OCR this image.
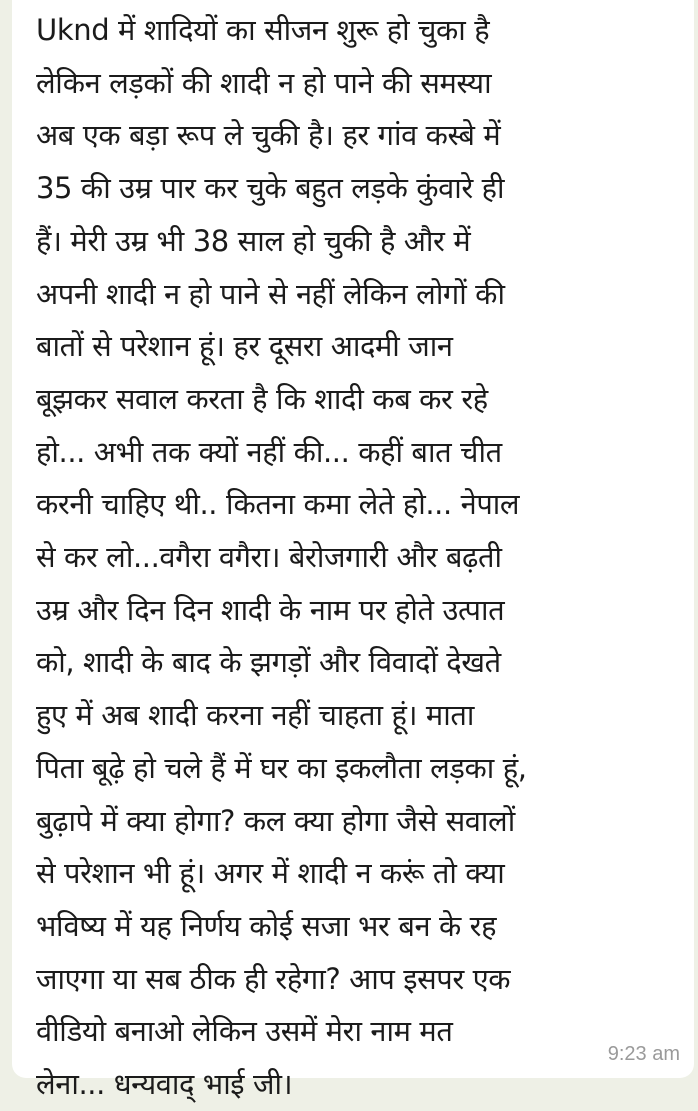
Uknd में शादियों का सीजन शुरू हो चुका है
लेकिन लड़कों की शादी न हो पाने की समस्या
अब एक बड़ा रूप ले चुकी है। हर गांव कस्बे में
35 की उम्र पार कर चुके बहुत लड़के कुंवारे ही
हैं। मेरी उम्र भी 38 साल हो चुकी है और में
अपनी शादी न हो पाने से नहीं लेकिन लोगों की
बातों से परेशान हूं। हर दूसरा आदमी जान
बूझकर सवाल करता है कि शादी कब कर रहे
हो... अभी तक क्यों नहीं की... कहीं बात चीत
करनी चाहिए थी.. कितना कमा लेते हो... नेपाल
से कर लो...वगैरा वगैरा। बेरोजगारी और बढ़ती
उम्र और दिन दिन शादी के नाम पर होते उत्पात
को, शादी के बाद के झगड़ों और विवादों देखते
हुए में अब शादी करना नहीं चाहता हूं। माता
पिता बूढ़े हो चले हैं में घर का इकलौता लड़का हूं,
बुढ़ापे में क्या होगा? कल क्या होगा जैसे सवालों
से परेशान भी हूं। अगर में शादी न करूं तो क्या
भविष्य में यह निर्णय कोई सजा भर बन के रह
जाएगा या सब ठीक ही रहेगा? आप इसपर एक
वीडियो बनाओ लेकिन उसमें मेरा नाम मत
लेना... धन्यवाद् भाई जी।

9:23 am
